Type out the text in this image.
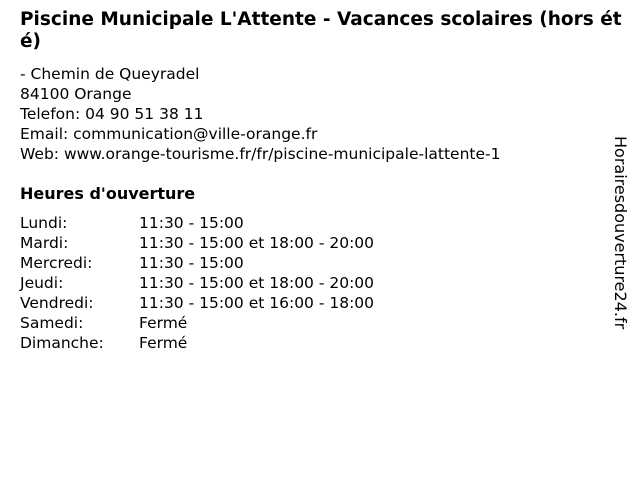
Piscine Municipale L'Attente - Vacances scolaires (hors été)
- Chemin de Queyradel
84100 Orange
Telefon: 04 90 51 38 11
Email: communication@ville-orange.fr
Web: www.orange-tourisme.fr/fr/piscine-municipale-lattente-1
Heures d'ouverture
Lundi:	11:30 - 15:00
Mardi:	11:30 - 15:00 et 18:00 - 20:00
Mercredi:	11:30 - 15:00
Jeudi:	11:30 - 15:00 et 18:00 - 20:00
Vendredi:	11:30 - 15:00 et 16:00 - 18:00
Samedi:	Fermé
Dimanche: Fermé
Horairesdouverture24.fr
